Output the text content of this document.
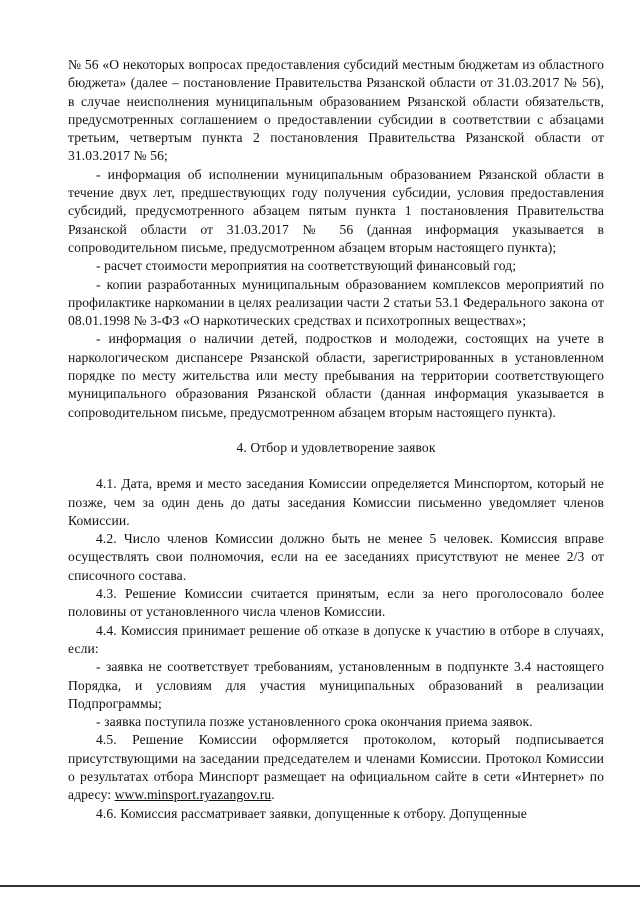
№ 56 «О некоторых вопросах предоставления субсидий местным бюджетам из областного бюджета» (далее – постановление Правительства Рязанской области от 31.03.2017 № 56), в случае неисполнения муниципальным образованием Рязанской области обязательств, предусмотренных соглашением о предоставлении субсидии в соответствии с абзацами третьим, четвертым пункта 2 постановления Правительства Рязанской области от 31.03.2017 № 56;

- информация об исполнении муниципальным образованием Рязанской области в течение двух лет, предшествующих году получения субсидии, условия предоставления субсидий, предусмотренного абзацем пятым пункта 1 постановления Правительства Рязанской области от 31.03.2017 № 56 (данная информация указывается в сопроводительном письме, предусмотренном абзацем вторым настоящего пункта);

- расчет стоимости мероприятия на соответствующий финансовый год;

- копии разработанных муниципальным образованием комплексов мероприятий по профилактике наркомании в целях реализации части 2 статьи 53.1 Федерального закона от 08.01.1998 № 3-ФЗ «О наркотических средствах и психотропных веществах»;

- информация о наличии детей, подростков и молодежи, состоящих на учете в наркологическом диспансере Рязанской области, зарегистрированных в установленном порядке по месту жительства или месту пребывания на территории соответствующего муниципального образования Рязанской области (данная информация указывается в сопроводительном письме, предусмотренном абзацем вторым настоящего пункта).

4. Отбор и удовлетворение заявок

4.1. Дата, время и место заседания Комиссии определяется Минспортом, который не позже, чем за один день до даты заседания Комиссии письменно уведомляет членов Комиссии.

4.2. Число членов Комиссии должно быть не менее 5 человек. Комиссия вправе осуществлять свои полномочия, если на ее заседаниях присутствуют не менее 2/3 от списочного состава.

4.3. Решение Комиссии считается принятым, если за него проголосовало более половины от установленного числа членов Комиссии.

4.4. Комиссия принимает решение об отказе в допуске к участию в отборе в случаях, если:

- заявка не соответствует требованиям, установленным в подпункте 3.4 настоящего Порядка, и условиям для участия муниципальных образований в реализации Подпрограммы;

- заявка поступила позже установленного срока окончания приема заявок.

4.5. Решение Комиссии оформляется протоколом, который подписывается присутствующими на заседании председателем и членами Комиссии. Протокол Комиссии о результатах отбора Минспорт размещает на официальном сайте в сети «Интернет» по адресу: www.minsport.ryazangov.ru.

4.6. Комиссия рассматривает заявки, допущенные к отбору. Допущенные
